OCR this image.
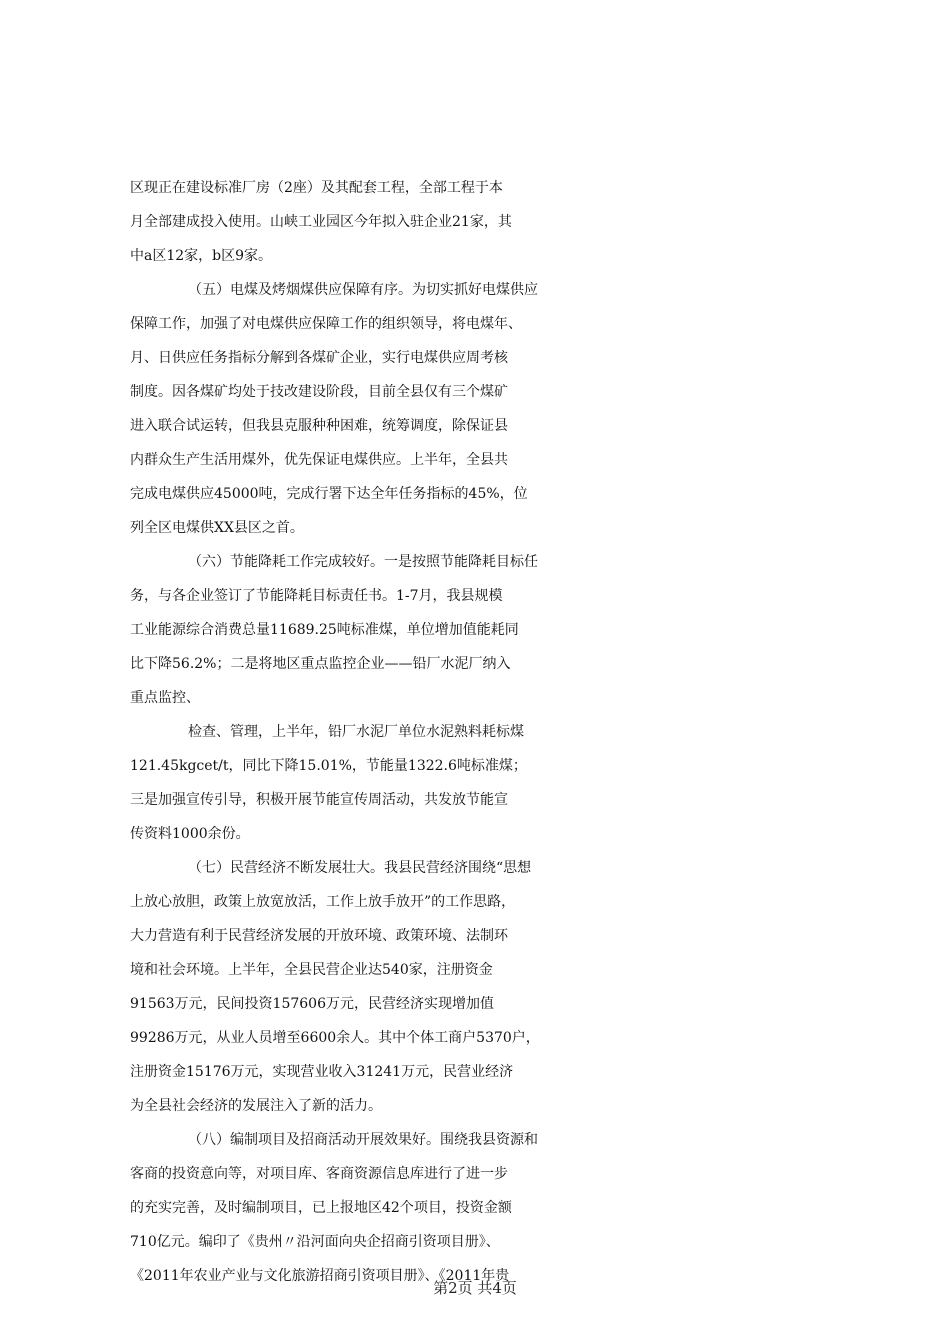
区现正在建设标准厂房（2座）及其配套工程，全部工程于本
月全部建成投入使用。山峡工业园区今年拟入驻企业21家，其
中a区12家，b区9家。
（五）电煤及烤烟煤供应保障有序。为切实抓好电煤供应
保障工作，加强了对电煤供应保障工作的组织领导，将电煤年、
月、日供应任务指标分解到各煤矿企业，实行电煤供应周考核
制度。因各煤矿均处于技改建设阶段，目前全县仅有三个煤矿
进入联合试运转，但我县克服种种困难，统筹调度，除保证县
内群众生产生活用煤外，优先保证电煤供应。上半年，全县共
完成电煤供应45000吨，完成行署下达全年任务指标的45%，位
列全区电煤供XX县区之首。
（六）节能降耗工作完成较好。一是按照节能降耗目标任
务，与各企业签订了节能降耗目标责任书。1-7月，我县规模
工业能源综合消费总量11689.25吨标准煤，单位增加值能耗同
比下降56.2%；二是将地区重点监控企业——铅厂水泥厂纳入
重点监控、
检查、管理，上半年，铅厂水泥厂单位水泥熟料耗标煤
121.45kgcet/t，同比下降15.01%，节能量1322.6吨标准煤；
三是加强宣传引导，积极开展节能宣传周活动，共发放节能宣
传资料1000余份。
（七）民营经济不断发展壮大。我县民营经济围绕“思想
上放心放胆，政策上放宽放活，工作上放手放开”的工作思路，
大力营造有利于民营经济发展的开放环境、政策环境、法制环
境和社会环境。上半年，全县民营企业达540家，注册资金
91563万元，民间投资157606万元，民营经济实现增加值
99286万元，从业人员增至6600余人。其中个体工商户5370户，
注册资金15176万元，实现营业收入31241万元，民营业经济
为全县社会经济的发展注入了新的活力。
（八）编制项目及招商活动开展效果好。围绕我县资源和
客商的投资意向等，对项目库、客商资源信息库进行了进一步
的充实完善，及时编制项目，已上报地区42个项目，投资金额
710亿元。编印了《贵州〃沿河面向央企招商引资项目册》、
《2011年农业产业与文化旅游招商引资项目册》、《2011年贵
第2页 共4页
